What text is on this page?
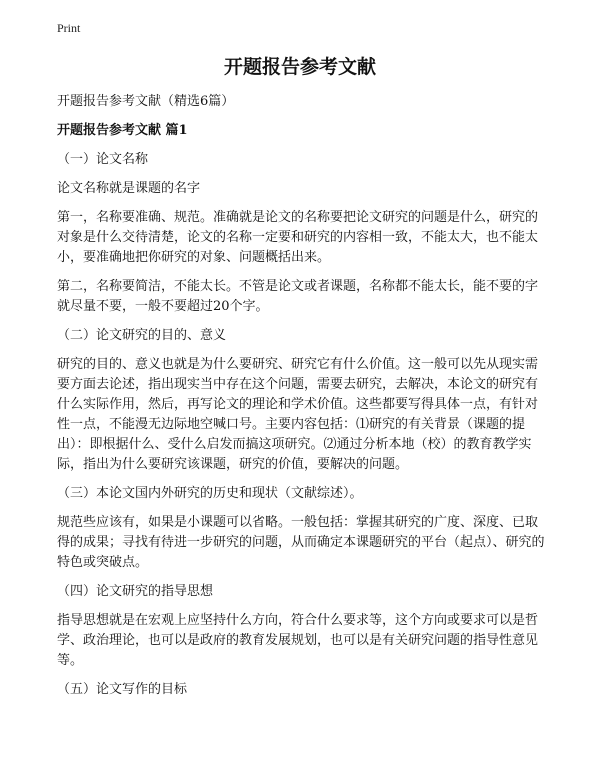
Print
开题报告参考文献

开题报告参考文献（精选6篇）

开题报告参考文献 篇1

（一）论文名称

论文名称就是课题的名字

第一，名称要准确、规范。准确就是论文的名称要把论文研究的问题是什么，研究的对象是什么交待清楚，论文的名称一定要和研究的内容相一致，不能太大，也不能太小，要准确地把你研究的对象、问题概括出来。

第二，名称要简洁，不能太长。不管是论文或者课题，名称都不能太长，能不要的字就尽量不要，一般不要超过20个字。

（二）论文研究的目的、意义

研究的目的、意义也就是为什么要研究、研究它有什么价值。这一般可以先从现实需要方面去论述，指出现实当中存在这个问题，需要去研究，去解决，本论文的研究有什么实际作用，然后，再写论文的理论和学术价值。这些都要写得具体一点，有针对性一点，不能漫无边际地空喊口号。主要内容包括：⑴研究的有关背景（课题的提出）：即根据什么、受什么启发而搞这项研究。⑵通过分析本地（校）的教育教学实际，指出为什么要研究该课题，研究的价值，要解决的问题。

（三）本论文国内外研究的历史和现状（文献综述）。

规范些应该有，如果是小课题可以省略。一般包括：掌握其研究的广度、深度、已取得的成果；寻找有待进一步研究的问题，从而确定本课题研究的平台（起点）、研究的特色或突破点。

（四）论文研究的指导思想

指导思想就是在宏观上应坚持什么方向，符合什么要求等，这个方向或要求可以是哲学、政治理论，也可以是政府的教育发展规划，也可以是有关研究问题的指导性意见等。

（五）论文写作的目标
